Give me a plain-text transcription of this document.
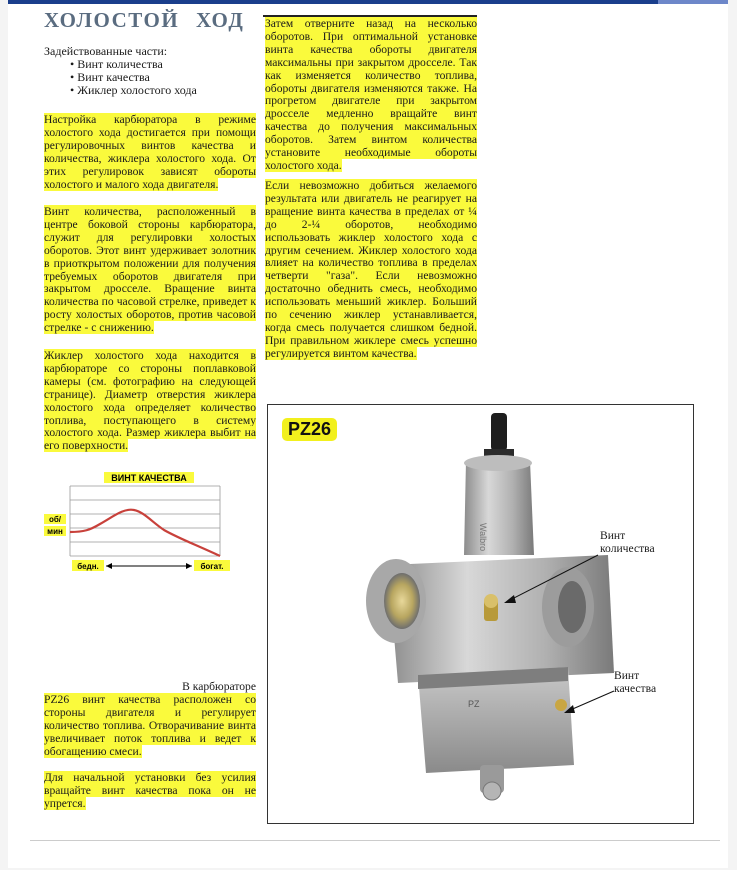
ХОЛОСТОЙ ХОД
Задействованные части:
• Винт количества
• Винт качества
• Жиклер холостого хода

Настройка карбюратора в режиме холостого хода достигается при помощи регулировочных винтов качества и количества, жиклера холостого хода. От этих регулировок зависят обороты холостого и малого хода двигателя.

Винт количества, расположенный в центре боковой стороны карбюратора, служит для регулировки холостых оборотов. Этот винт удерживает золотник в приоткрытом положении для получения требуемых оборотов двигателя при закрытом дросселе. Вращение винта количества по часовой стрелке, приведет к росту холостых оборотов, против часовой стрелке - с снижению.

Жиклер холостого хода находится в карбюраторе со стороны поплавковой камеры (см. фотографию на следующей странице). Диаметр отверстия жиклера холостого хода определяет количество топлива, поступающего в систему холостого хода. Размер жиклера выбит на его поверхности.

ВИНТ КАЧЕСТВА
об/
мин
бедн.	богат.
В карбюраторе

PZ26 винт качества расположен со стороны двигателя и регулирует количество топлива. Отворачивание винта увеличивает поток топлива и ведет к обогащению смеси.

Для начальной установки без усилия вращайте винт качества пока он не упрется.

Затем отверните назад на несколько оборотов. При оптимальной установке винта качества обороты двигателя максимальны при закрытом дросселе. Так как изменяется количество топлива, обороты двигателя изменяются также. На прогретом двигателе при закрытом дросселе медленно вращайте винт качества до получения максимальных оборотов. Затем винтом количества установите необходимые обороты холостого хода.

Если невозможно добиться желаемого результата или двигатель не реагирует на вращение винта качества в пределах от ¼ до 2-¼ оборотов, необходимо использовать жиклер холостого хода с другим сечением. Жиклер холостого хода влияет на количество топлива в пределах четверти "газа". Если невозможно достаточно обеднить смесь, необходимо использовать меньший жиклер. Больший по сечению жиклер устанавливается, когда смесь получается слишком бедной. При правильном жиклере смесь успешно регулируется винтом качества.

PZ26
Walbro
PZ
Винт
количества
Винт
качества
